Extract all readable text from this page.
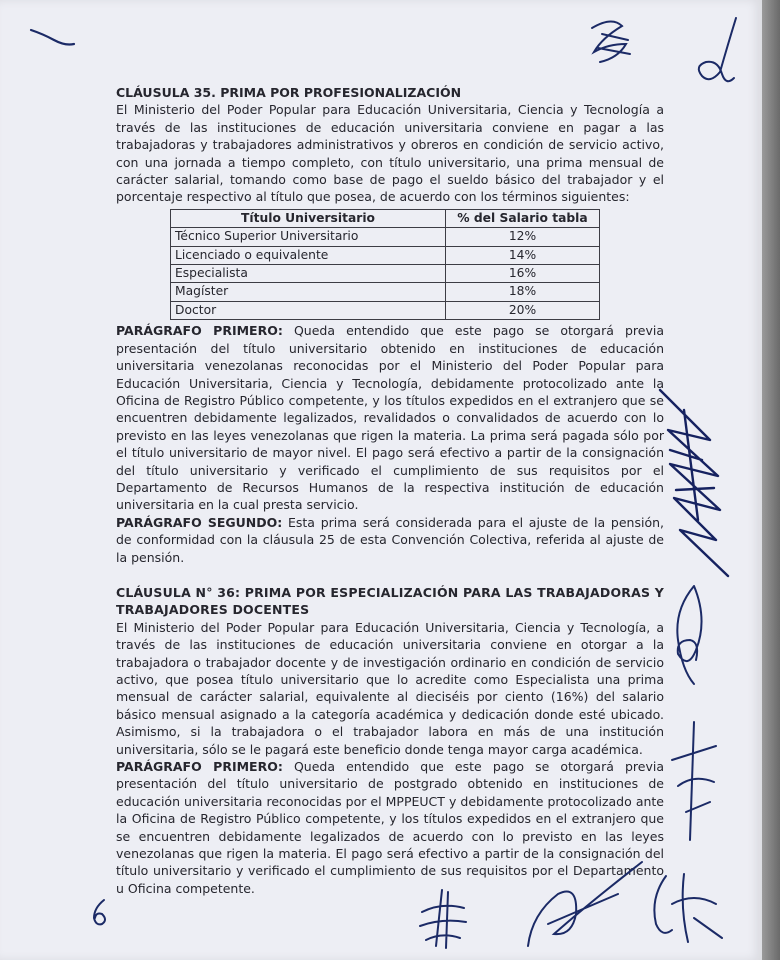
CLÁUSULA 35. PRIMA POR PROFESIONALIZACIÓN

El Ministerio del Poder Popular para Educación Universitaria, Ciencia y Tecnología a través de las instituciones de educación universitaria conviene en pagar a las trabajadoras y trabajadores administrativos y obreros en condición de servicio activo, con una jornada a tiempo completo, con título universitario, una prima mensual de carácter salarial, tomando como base de pago el sueldo básico del trabajador y el porcentaje respectivo al título que posea, de acuerdo con los términos siguientes:

Título Universitario	% del Salario tabla
Técnico Superior Universitario	12%
Licenciado o equivalente	14%
Especialista	16%
Magíster	18%
Doctor	20%

PARÁGRAFO PRIMERO: Queda entendido que este pago se otorgará previa presentación del título universitario obtenido en instituciones de educación universitaria venezolanas reconocidas por el Ministerio del Poder Popular para Educación Universitaria, Ciencia y Tecnología, debidamente protocolizado ante la Oficina de Registro Público competente, y los títulos expedidos en el extranjero que se encuentren debidamente legalizados, revalidados o convalidados de acuerdo con lo previsto en las leyes venezolanas que rigen la materia. La prima será pagada sólo por el título universitario de mayor nivel. El pago será efectivo a partir de la consignación del título universitario y verificado el cumplimiento de sus requisitos por el Departamento de Recursos Humanos de la respectiva institución de educación universitaria en la cual presta servicio.

PARÁGRAFO SEGUNDO: Esta prima será considerada para el ajuste de la pensión, de conformidad con la cláusula 25 de esta Convención Colectiva, referida al ajuste de la pensión.

CLÁUSULA N° 36: PRIMA POR ESPECIALIZACIÓN PARA LAS TRABAJADORAS Y TRABAJADORES DOCENTES

El Ministerio del Poder Popular para Educación Universitaria, Ciencia y Tecnología, a través de las instituciones de educación universitaria conviene en otorgar a la trabajadora o trabajador docente y de investigación ordinario en condición de servicio activo, que posea título universitario que lo acredite como Especialista una prima mensual de carácter salarial, equivalente al dieciséis por ciento (16%) del salario básico mensual asignado a la categoría académica y dedicación donde esté ubicado. Asimismo, si la trabajadora o el trabajador labora en más de una institución universitaria, sólo se le pagará este beneficio donde tenga mayor carga académica.

PARÁGRAFO PRIMERO: Queda entendido que este pago se otorgará previa presentación del título universitario de postgrado obtenido en instituciones de educación universitaria reconocidas por el MPPEUCT y debidamente protocolizado ante la Oficina de Registro Público competente, y los títulos expedidos en el extranjero que se encuentren debidamente legalizados de acuerdo con lo previsto en las leyes venezolanas que rigen la materia. El pago será efectivo a partir de la consignación del título universitario y verificado el cumplimiento de sus requisitos por el Departamento u Oficina competente.
